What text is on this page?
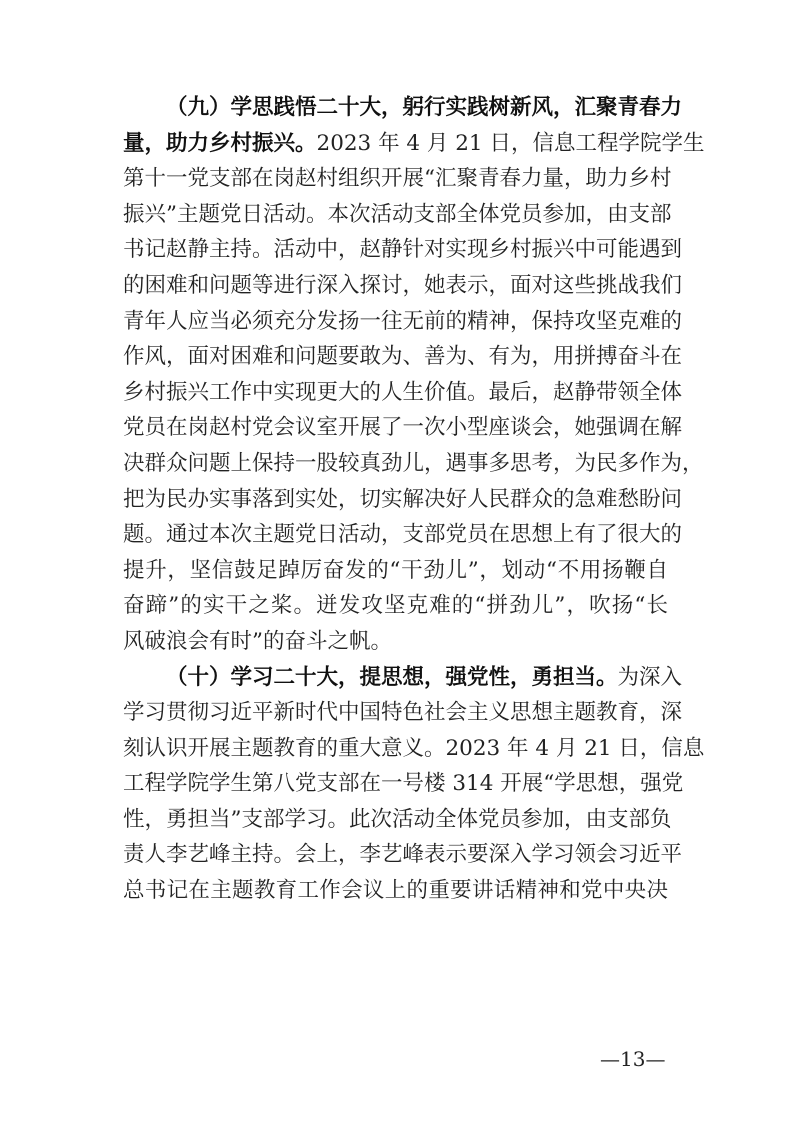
（九）学思践悟二十大，躬行实践树新风，汇聚青春力
量，助力乡村振兴。2023 年 4 月 21 日，信息工程学院学生
第十一党支部在岗赵村组织开展“汇聚青春力量，助力乡村
振兴”主题党日活动。本次活动支部全体党员参加，由支部
书记赵静主持。活动中，赵静针对实现乡村振兴中可能遇到
的困难和问题等进行深入探讨，她表示，面对这些挑战我们
青年人应当必须充分发扬一往无前的精神，保持攻坚克难的
作风，面对困难和问题要敢为、善为、有为，用拼搏奋斗在
乡村振兴工作中实现更大的人生价值。最后，赵静带领全体
党员在岗赵村党会议室开展了一次小型座谈会，她强调在解
决群众问题上保持一股较真劲儿，遇事多思考，为民多作为，
把为民办实事落到实处，切实解决好人民群众的急难愁盼问
题。通过本次主题党日活动，支部党员在思想上有了很大的
提升，坚信鼓足踔厉奋发的“干劲儿”，划动“不用扬鞭自
奋蹄”的实干之桨。迸发攻坚克难的“拼劲儿”，吹扬“长
风破浪会有时”的奋斗之帆。
（十）学习二十大，提思想，强党性，勇担当。为深入
学习贯彻习近平新时代中国特色社会主义思想主题教育，深
刻认识开展主题教育的重大意义。2023 年 4 月 21 日，信息
工程学院学生第八党支部在一号楼 314 开展“学思想，强党
性，勇担当”支部学习。此次活动全体党员参加，由支部负
责人李艺峰主持。会上，李艺峰表示要深入学习领会习近平
总书记在主题教育工作会议上的重要讲话精神和党中央决
—13—
